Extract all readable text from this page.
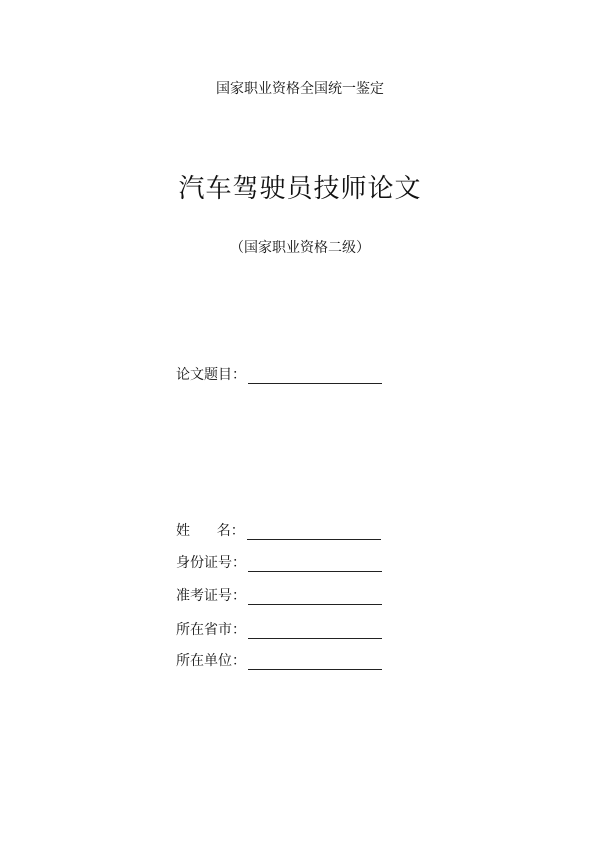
国家职业资格全国统一鉴定
汽车驾驶员技师论文
（国家职业资格二级）
论文题目：
姓      名：
身份证号：
准考证号：
所在省市：
所在单位：
